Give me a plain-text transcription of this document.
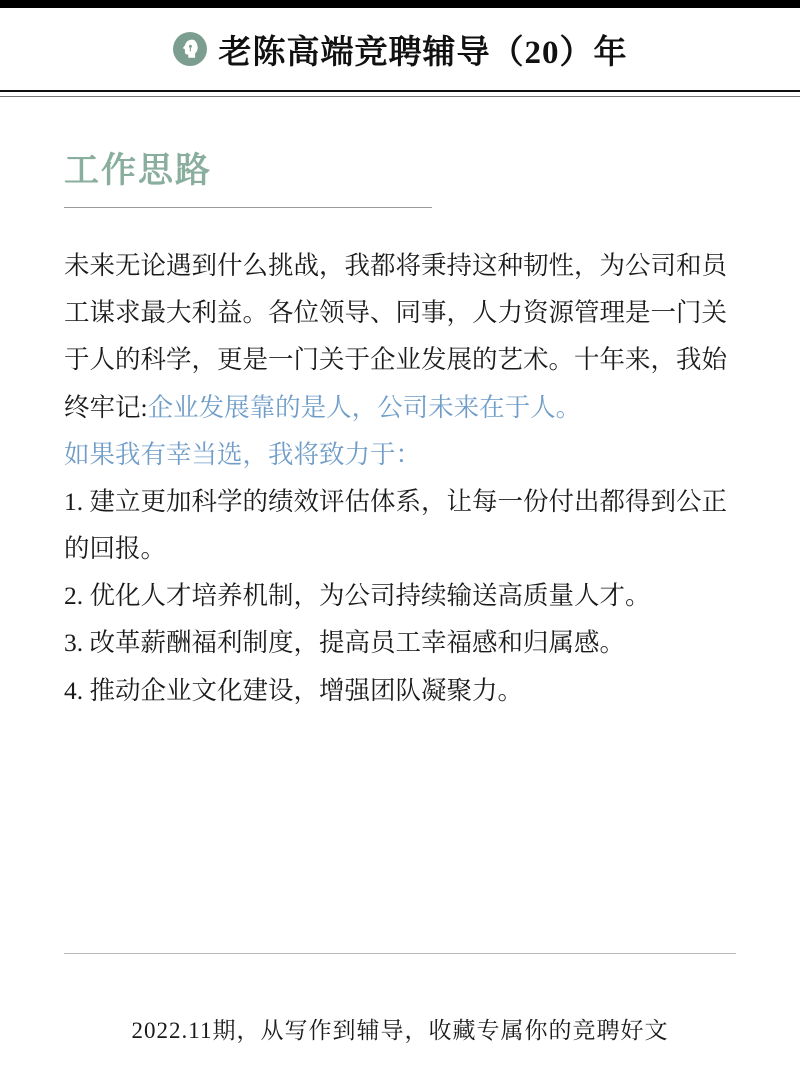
老陈高端竞聘辅导（20）年
工作思路

未来无论遇到什么挑战，我都将秉持这种韧性，为公司和员工谋求最大利益。各位领导、同事，人力资源管理是一门关于人的科学，更是一门关于企业发展的艺术。十年来，我始终牢记:企业发展靠的是人，公司未来在于人。

如果我有幸当选，我将致力于：

1. 建立更加科学的绩效评估体系，让每一份付出都得到公正的回报。

2. 优化人才培养机制，为公司持续输送高质量人才。

3. 改革薪酬福利制度，提高员工幸福感和归属感。

4. 推动企业文化建设，增强团队凝聚力。

2022.11期，从写作到辅导，收藏专属你的竞聘好文
